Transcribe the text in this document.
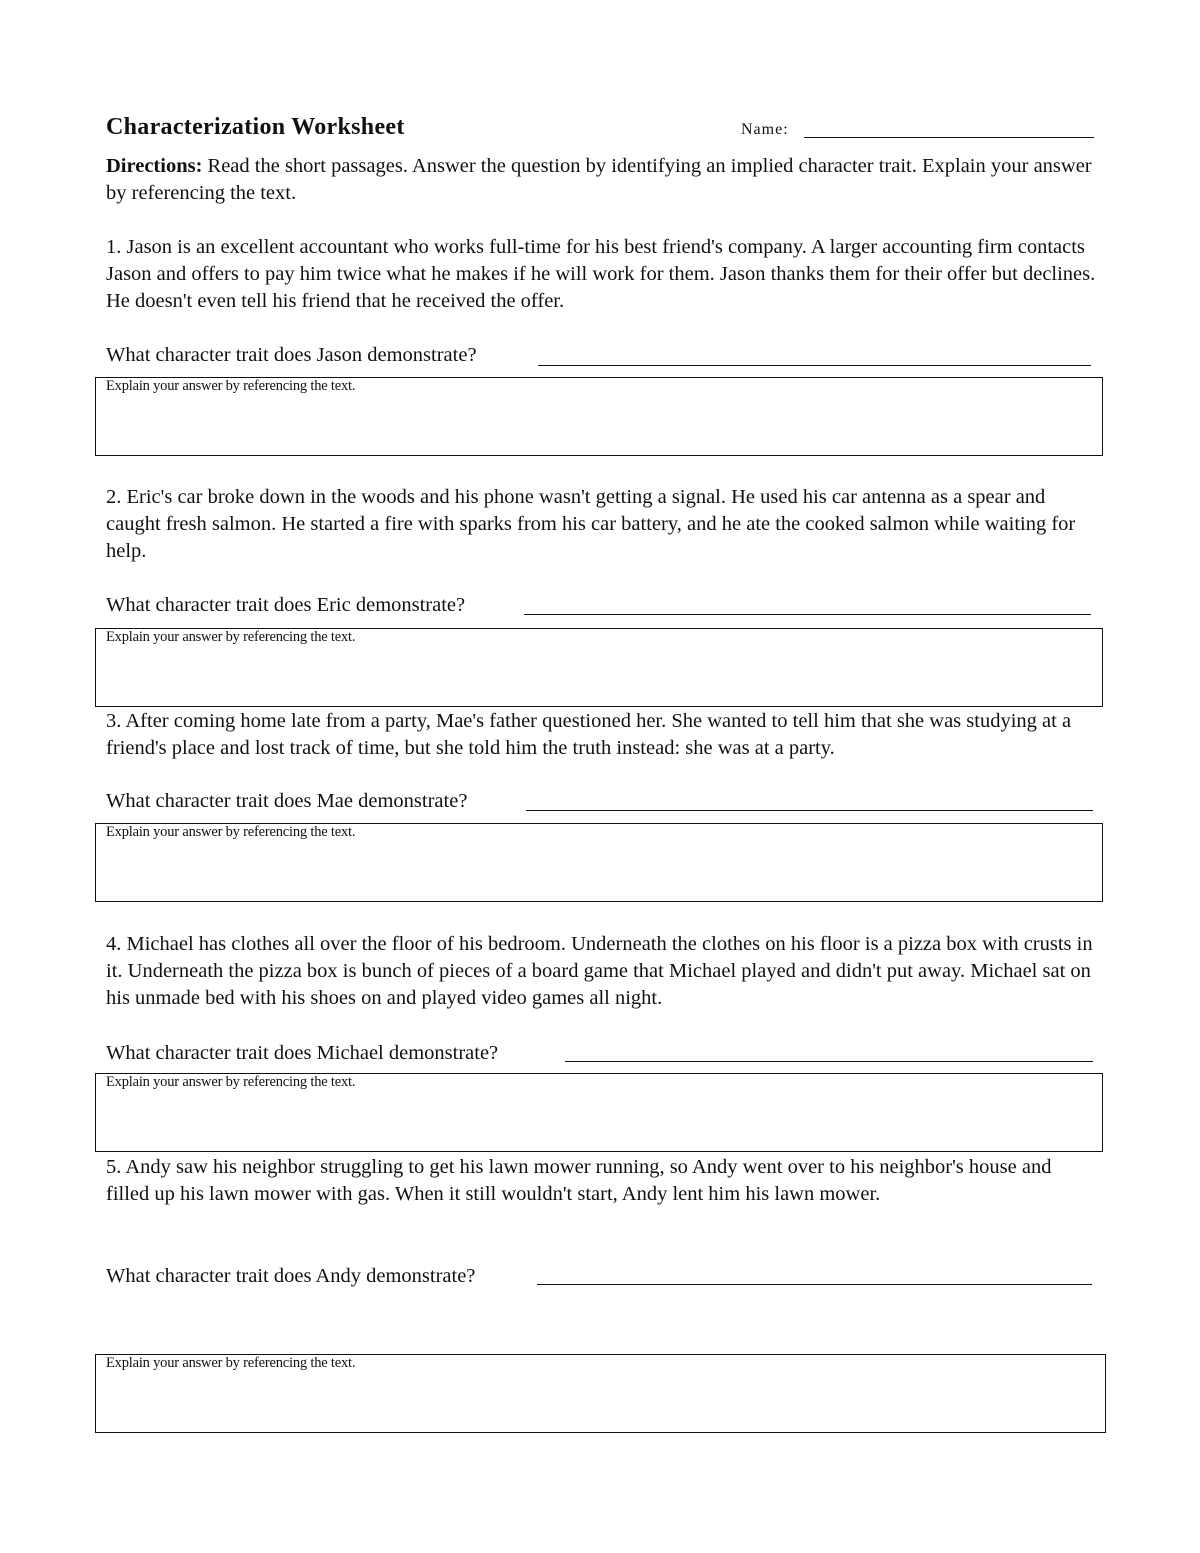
Characterization Worksheet	Name:
Directions: Read the short passages. Answer the question by identifying an implied character trait. Explain your answer by referencing the text.
1. Jason is an excellent accountant who works full-time for his best friend's company. A larger accounting firm contacts Jason and offers to pay him twice what he makes if he will work for them. Jason thanks them for their offer but declines. He doesn't even tell his friend that he received the offer.
What character trait does Jason demonstrate?
Explain your answer by referencing the text.
2. Eric's car broke down in the woods and his phone wasn't getting a signal. He used his car antenna as a spear and caught fresh salmon. He started a fire with sparks from his car battery, and he ate the cooked salmon while waiting for help.
What character trait does Eric demonstrate?
Explain your answer by referencing the text.
3. After coming home late from a party, Mae's father questioned her. She wanted to tell him that she was studying at a friend's place and lost track of time, but she told him the truth instead: she was at a party.
What character trait does Mae demonstrate?
Explain your answer by referencing the text.
4. Michael has clothes all over the floor of his bedroom. Underneath the clothes on his floor is a pizza box with crusts in it. Underneath the pizza box is bunch of pieces of a board game that Michael played and didn't put away. Michael sat on his unmade bed with his shoes on and played video games all night.
What character trait does Michael demonstrate?
Explain your answer by referencing the text.
5. Andy saw his neighbor struggling to get his lawn mower running, so Andy went over to his neighbor's house and filled up his lawn mower with gas. When it still wouldn't start, Andy lent him his lawn mower.
What character trait does Andy demonstrate?
Explain your answer by referencing the text.
